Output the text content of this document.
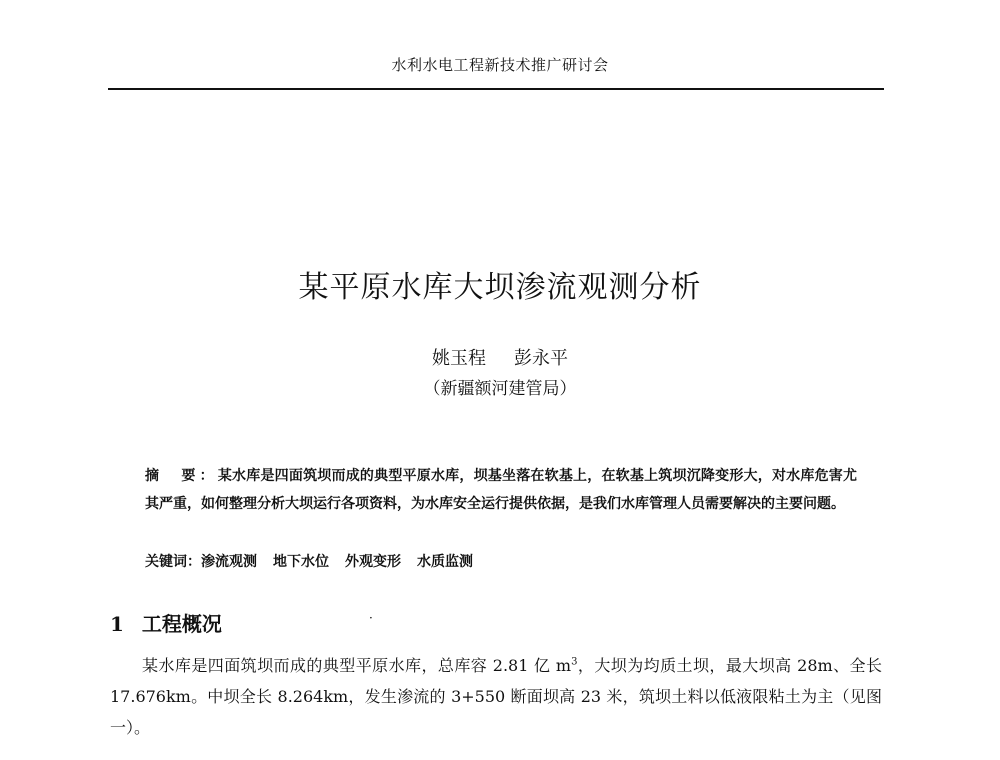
水利水电工程新技术推广研讨会
某平原水库大坝渗流观测分析
姚玉程 彭永平
（新疆额河建管局）
摘　要：某水库是四面筑坝而成的典型平原水库，坝基坐落在软基上，在软基上筑坝沉降变形大，对水库危害尤其严重，如何整理分析大坝运行各项资料，为水库安全运行提供依据，是我们水库管理人员需要解决的主要问题。
关键词：渗流观测 地下水位 外观变形 水质监测
1 工程概况	·

某水库是四面筑坝而成的典型平原水库，总库容 2.81 亿 $m^3$，大坝为均质土坝，最大坝高 28m、全长 17.676km。中坝全长 8.264km，发生渗流的 3+550 断面坝高 23 米，筑坝土料以低液限粘土为主（见图一）。
